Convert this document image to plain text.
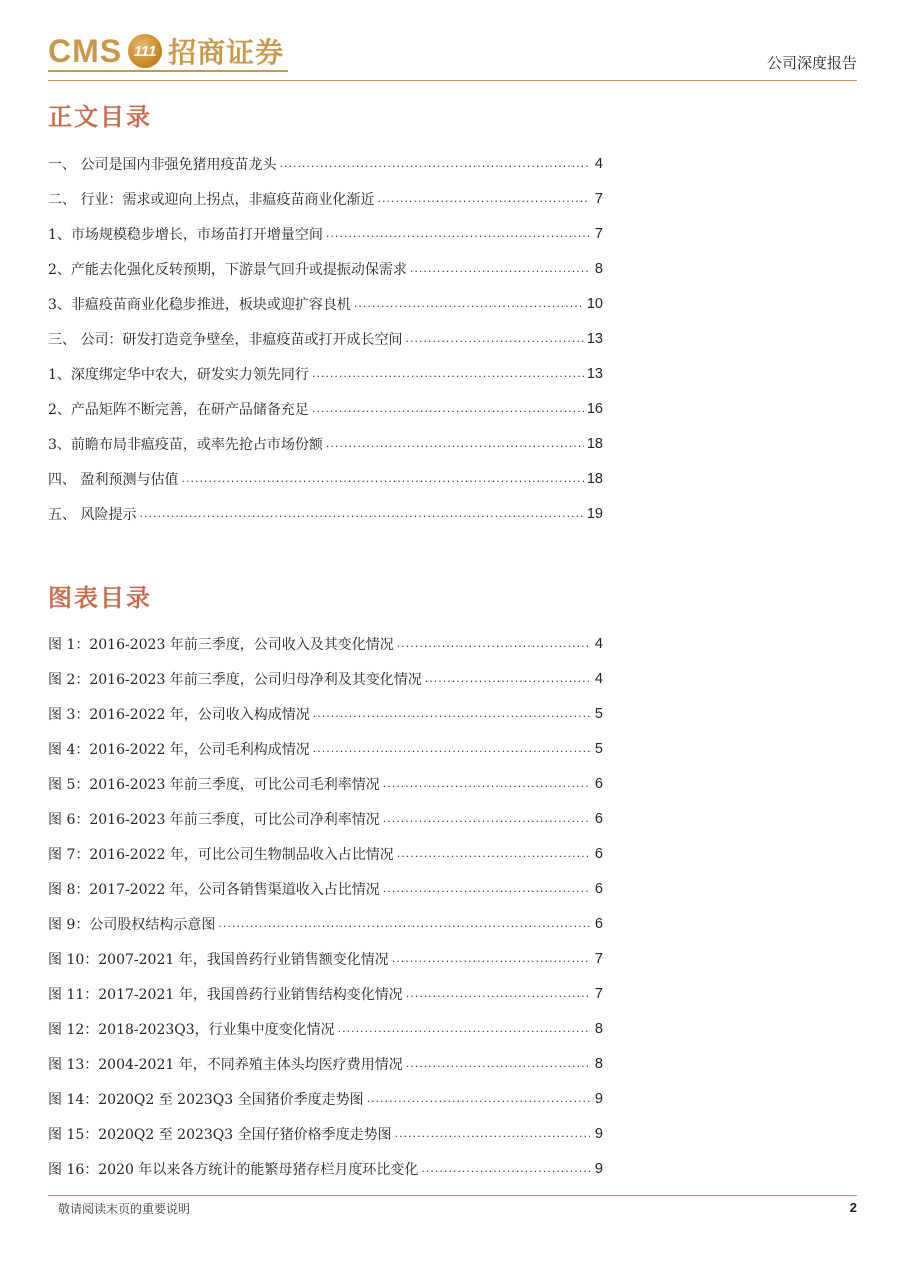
CMS 111 招商证券	公司深度报告
正文目录
一、 公司是国内非强免猪用疫苗龙头 .....	4
二、 行业：需求或迎向上拐点，非瘟疫苗商业化渐近 .....	7
1、市场规模稳步增长，市场苗打开增量空间 .....	7
2、产能去化强化反转预期，下游景气回升或提振动保需求 .....	8
3、非瘟疫苗商业化稳步推进，板块或迎扩容良机 .....	10
三、 公司：研发打造竞争壁垒，非瘟疫苗或打开成长空间 .....	13
1、深度绑定华中农大，研发实力领先同行 .....	13
2、产品矩阵不断完善，在研产品储备充足 .....	16
3、前瞻布局非瘟疫苗，或率先抢占市场份额 .....	18
四、 盈利预测与估值 .....	18
五、 风险提示 .....	19
图表目录
图 1：2016-2023 年前三季度，公司收入及其变化情况 .....	4
图 2：2016-2023 年前三季度，公司归母净利及其变化情况 .....	4
图 3：2016-2022 年，公司收入构成情况 .....	5
图 4：2016-2022 年，公司毛利构成情况 .....	5
图 5：2016-2023 年前三季度，可比公司毛利率情况 .....	6
图 6：2016-2023 年前三季度，可比公司净利率情况 .....	6
图 7：2016-2022 年，可比公司生物制品收入占比情况 .....	6
图 8：2017-2022 年，公司各销售渠道收入占比情况 .....	6
图 9：公司股权结构示意图 .....	6
图 10：2007-2021 年，我国兽药行业销售额变化情况 .....	7
图 11：2017-2021 年，我国兽药行业销售结构变化情况 .....	7
图 12：2018-2023Q3，行业集中度变化情况 .....	8
图 13：2004-2021 年，不同养殖主体头均医疗费用情况 .....	8
图 14：2020Q2 至 2023Q3 全国猪价季度走势图 .....	9
图 15：2020Q2 至 2023Q3 全国仔猪价格季度走势图 .....	9
图 16：2020 年以来各方统计的能繁母猪存栏月度环比变化 .....	9
敬请阅读末页的重要说明	2
